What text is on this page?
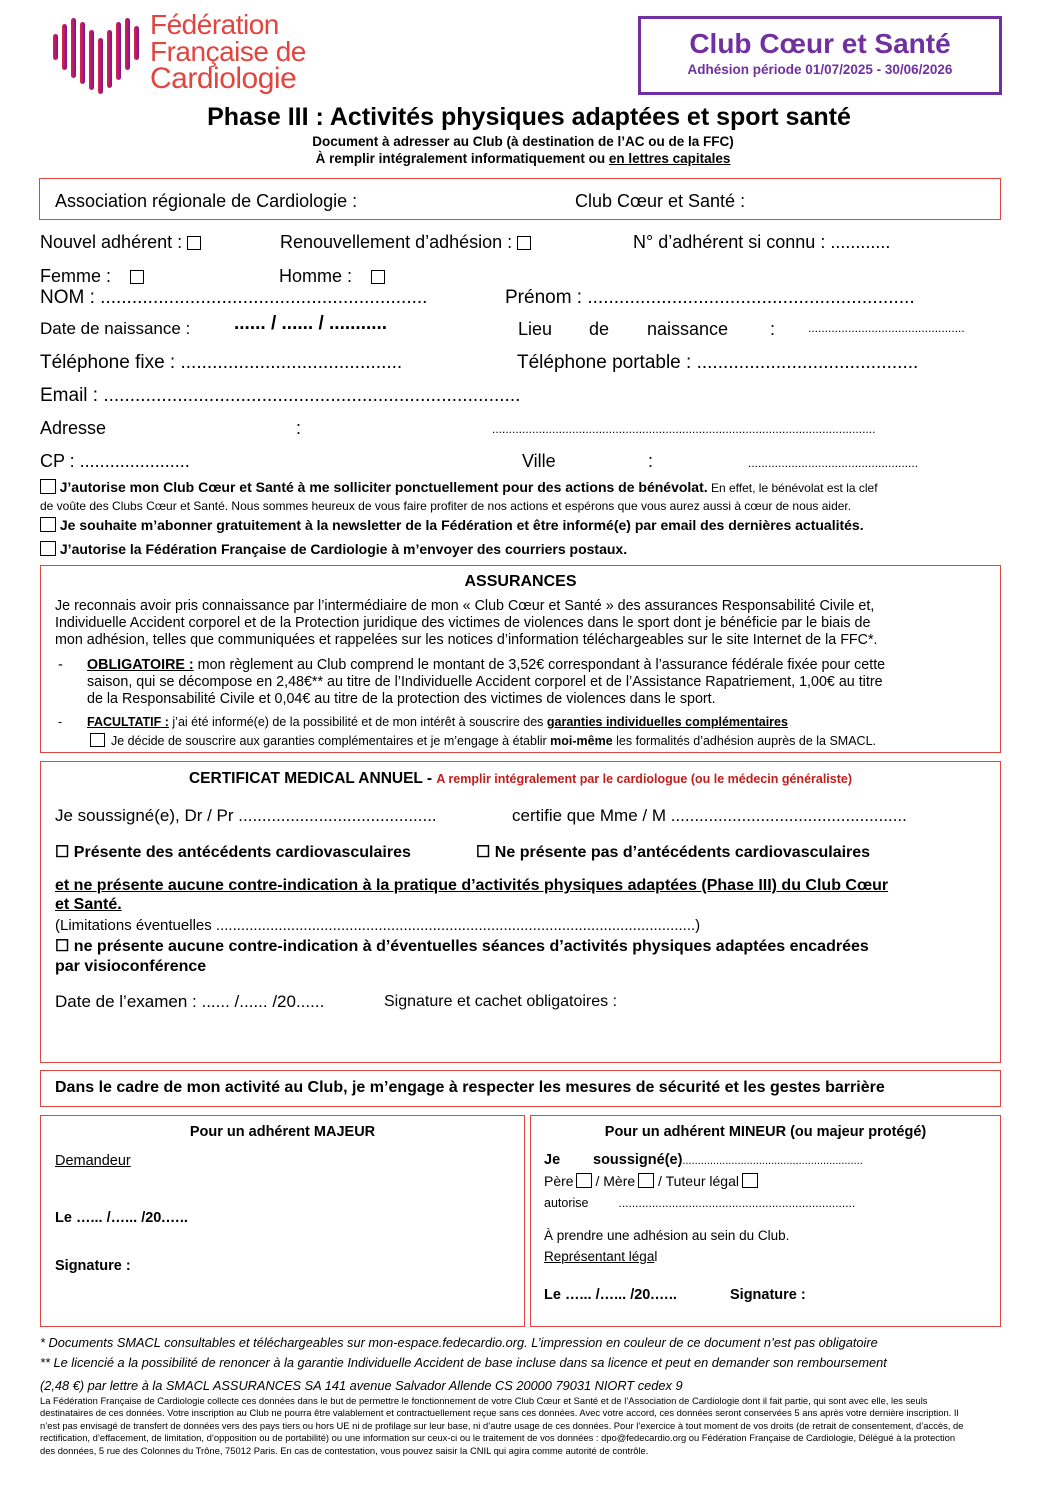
Fédération
Française de
Cardiologie
Club Cœur et Santé
Adhésion période 01/07/2025 - 30/06/2026
Phase III : Activités physiques adaptées et sport santé
Document à adresser au Club (à destination de l’AC ou de la FFC)
À remplir intégralement informatiquement ou en lettres capitales
Association régionale de Cardiologie :	Club Cœur et Santé :
Nouvel adhérent :	Renouvellement d’adhésion :	N° d’adhérent si connu : ............
Femme :	Homme :
NOM : ..............................................................	Prénom : ..............................................................
Date de naissance : ...... / ...... / ...........	Lieu de naissance :	...............................................
Téléphone fixe : ..........................................	Téléphone portable : ..........................................
Email : ...............................................................................
Adresse	:	...................................................................................................................
CP : ......................	Ville	:	...................................................
J’autorise mon Club Cœur et Santé à me solliciter ponctuellement pour des actions de bénévolat. En effet, le bénévolat est la clef
de voûte des Clubs Cœur et Santé. Nous sommes heureux de vous faire profiter de nos actions et espérons que vous aurez aussi à cœur de nous aider.
Je souhaite m’abonner gratuitement à la newsletter de la Fédération et être informé(e) par email des dernières actualités.
J’autorise la Fédération Française de Cardiologie à m’envoyer des courriers postaux.
ASSURANCES
Je reconnais avoir pris connaissance par l’intermédiaire de mon « Club Cœur et Santé » des assurances Responsabilité Civile et,
Individuelle Accident corporel et de la Protection juridique des victimes de violences dans le sport dont je bénéficie par le biais de
mon adhésion, telles que communiquées et rappelées sur les notices d’information téléchargeables sur le site Internet de la FFC*.
- OBLIGATOIRE : mon règlement au Club comprend le montant de 3,52€ correspondant à l’assurance fédérale fixée pour cette
saison, qui se décompose en 2,48€** au titre de l’Individuelle Accident corporel et de l’Assistance Rapatriement, 1,00€ au titre
de la Responsabilité Civile et 0,04€ au titre de la protection des victimes de violences dans le sport.
- FACULTATIF : j’ai été informé(e) de la possibilité et de mon intérêt à souscrire des garanties individuelles complémentaires
Je décide de souscrire aux garanties complémentaires et je m’engage à établir moi-même les formalités d’adhésion auprès de la SMACL.
CERTIFICAT MEDICAL ANNUEL - A remplir intégralement par le cardiologue (ou le médecin généraliste)
Je soussigné(e), Dr / Pr ..........................................	certifie que Mme / M ..................................................
☐ Présente des antécédents cardiovasculaires	☐ Ne présente pas d’antécédents cardiovasculaires
et ne présente aucune contre-indication à la pratique d’activités physiques adaptées (Phase III) du Club Cœur
et Santé.
(Limitations éventuelles ...................................................................................................................)
☐ ne présente aucune contre-indication à d’éventuelles séances d’activités physiques adaptées encadrées
par visioconférence
Date de l’examen : ...... /...... /20......	Signature et cachet obligatoires :
Dans le cadre de mon activité au Club, je m’engage à respecter les mesures de sécurité et les gestes barrière
Pour un adhérent MAJEUR
Demandeur
Le …... /…... /20.…..
Signature :
Pour un adhérent MINEUR (ou majeur protégé)
Je soussigné(e)...........................................................
Père / Mère / Tuteur légal
autorise	.......................................................................
À prendre une adhésion au sein du Club.
Représentant légal
Le …... /…... /20.…..	Signature :
* Documents SMACL consultables et téléchargeables sur mon-espace.fedecardio.org. L’impression en couleur de ce document n’est pas obligatoire
** Le licencié a la possibilité de renoncer à la garantie Individuelle Accident de base incluse dans sa licence et peut en demander son remboursement
(2,48 €) par lettre à la SMACL ASSURANCES SA 141 avenue Salvador Allende CS 20000 79031 NIORT cedex 9
La Fédération Française de Cardiologie collecte ces données dans le but de permettre le fonctionnement de votre Club Cœur et Santé et de l’Association de Cardiologie dont il fait partie, qui sont avec elle, les seuls
destinataires de ces données. Votre inscription au Club ne pourra être valablement et contractuellement reçue sans ces données. Avec votre accord, ces données seront conservées 5 ans après votre dernière inscription. Il
n’est pas envisagé de transfert de données vers des pays tiers ou hors UE ni de profilage sur leur base, ni d’autre usage de ces données. Pour l’exercice à tout moment de vos droits (de retrait de consentement, d’accès, de
rectification, d’effacement, de limitation, d’opposition ou de portabilité) ou une information sur ceux-ci ou le traitement de vos données : dpo@fedecardio.org ou Fédération Française de Cardiologie, Délégué à la protection
des données, 5 rue des Colonnes du Trône, 75012 Paris. En cas de contestation, vous pouvez saisir la CNIL qui agira comme autorité de contrôle.
